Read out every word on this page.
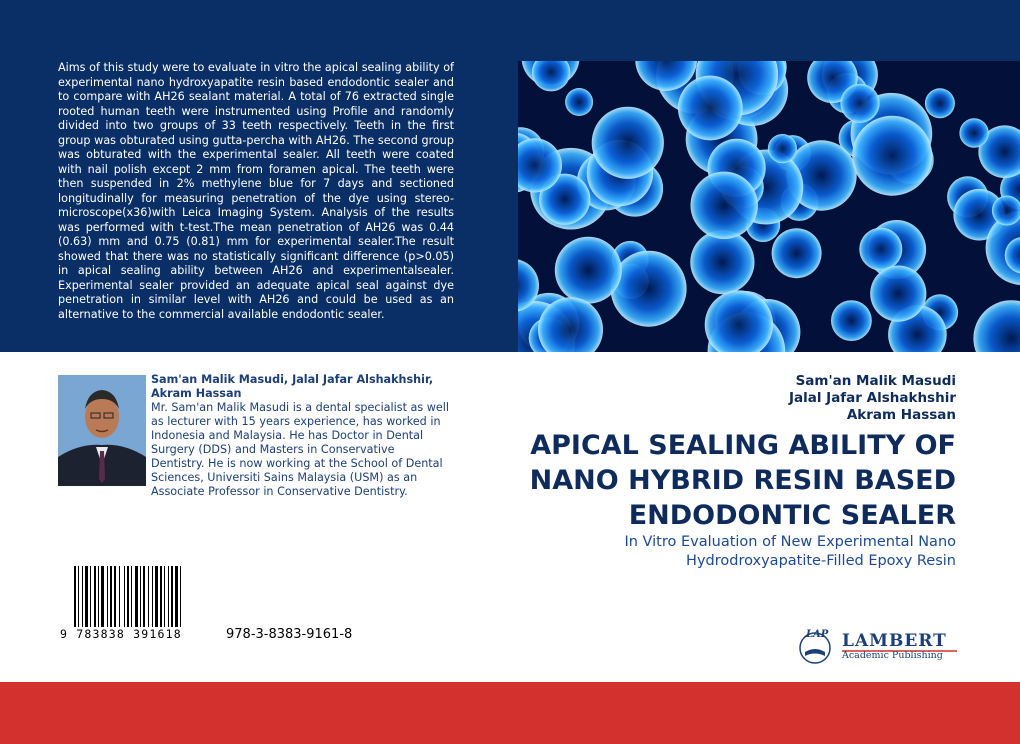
Aims of this study were to evaluate in vitro the apical sealing ability of experimental nano hydroxyapatite resin based endodontic sealer and to compare with AH26 sealant material. A total of 76 extracted single rooted human teeth were instrumented using Profile and randomly divided into two groups of 33 teeth respectively. Teeth in the first group was obturated using gutta-percha with AH26. The second group was obturated with the experimental sealer. All teeth were coated with nail polish except 2 mm from foramen apical. The teeth were then suspended in 2% methylene blue for 7 days and sectioned longitudinally for measuring penetration of the dye using stereo-microscope(x36)with Leica Imaging System. Analysis of the results was performed with t-test.The mean penetration of AH26 was 0.44 (0.63) mm and 0.75 (0.81) mm for experimental sealer.The result showed that there was no statistically significant difference (p>0.05) in apical sealing ability between AH26 and experimentalsealer. Experimental sealer provided an adequate apical seal against dye penetration in similar level with AH26 and could be used as an alternative to the commercial available endodontic sealer.
Sam'an Malik Masudi, Jalal Jafar Alshakhshir, Akram Hassan
Mr. Sam'an Malik Masudi is a dental specialist as well as lecturer with 15 years experience, has worked in Indonesia and Malaysia. He has Doctor in Dental Surgery (DDS) and Masters in Conservative Dentistry. He is now working at the School of Dental Sciences, Universiti Sains Malaysia (USM) as an Associate Professor in Conservative Dentistry.
Sam'an Malik Masudi
Jalal Jafar Alshakhshir
Akram Hassan
APICAL SEALING ABILITY OF
NANO HYBRID RESIN BASED
ENDODONTIC SEALER
In Vitro Evaluation of New Experimental Nano
Hydrodroxyapatite-Filled Epoxy Resin
9 783838 391618	978-3-8383-9161-8	LAP LAMBERT
Academic Publishing
